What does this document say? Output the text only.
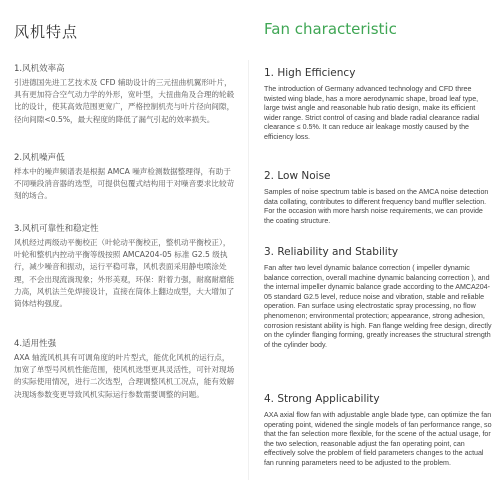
风机特点
1.风机效率高

引进德国先进工艺技术及 CFD 辅助设计的三元扭曲机翼形叶片，具有更加符合空气动力学的外形，宽叶型，大扭曲角及合理的轮毂比的设计，使其高效范围更宽广，严格控制机壳与叶片径向间隙，径向间隙<0.5%，最大程度的降低了漏气引起的效率损失。

2.风机噪声低

样本中的噪声频谱表是根据 AMCA 噪声检测数据整理得，有助于不同噪段消音器的选型，可提供包覆式结构用于对噪音要求比较苛刻的场合。

3.风机可靠性和稳定性

风机经过两级动平衡校正（叶轮动平衡校正，整机动平衡校正），叶轮和整机内控动平衡等级按照 AMCA204-05 标准 G2.5 级执行，减少噪音和振动，运行平稳可靠，风机表面采用静电喷涂处理，不会出现流淌现象；外形美观，环保：附着力强，耐腐耐磨能力高，风机法兰免焊接设计，直接在筒体上翻边成型，大大增加了筒体结构强度。

4.适用性强

AXA 轴流风机具有可调角度的叶片型式，能优化风机的运行点，加宽了单型号风机性能范围，使风机选型更具灵活性，可针对现场的实际使用情况，进行二次选型，合理调整风机工况点，能有效解决现场参数变更导致风机实际运行参数需要调整的问题。

Fan characteristic
1. High Efficiency

The introduction of Germany advanced technology and CFD three twisted wing blade, has a more aerodynamic shape, broad leaf type, large twist angle and reasonable hub ratio design, make its efficient wider range. Strict control of casing and blade radial clearance radial clearance ≤ 0.5%. It can reduce air leakage mostly caused by the efficiency loss.

2. Low Noise

Samples of noise spectrum table is based on the AMCA noise detection data collating, contributes to different frequency band muffler selection. For the occasion with more harsh noise requirements, we can provide the coating structure.

3. Reliability and Stability

Fan after two level dynamic balance correction ( impeller dynamic balance correction, overall machine dynamic balancing correction ), and the internal impeller dynamic balance grade according to the AMCA204-05 standard G2.5 level, reduce noise and vibration, stable and reliable operation. Fan surface using electrostatic spray processing, no flow phenomenon; environmental protection; appearance, strong adhesion, corrosion resistant ability is high. Fan flange welding free design, directly on the cylinder flanging forming, greatly increases the structural strength of the cylinder body.

4. Strong Applicability

AXA axial flow fan with adjustable angle blade type, can optimize the fan operating point, widened the single models of fan performance range, so that the fan selection more flexible, for the scene of the actual usage, for the two selection, reasonable adjust the fan operating point, can effectively solve the problem of field parameters changes to the actual fan running parameters need to be adjusted to the problem.
